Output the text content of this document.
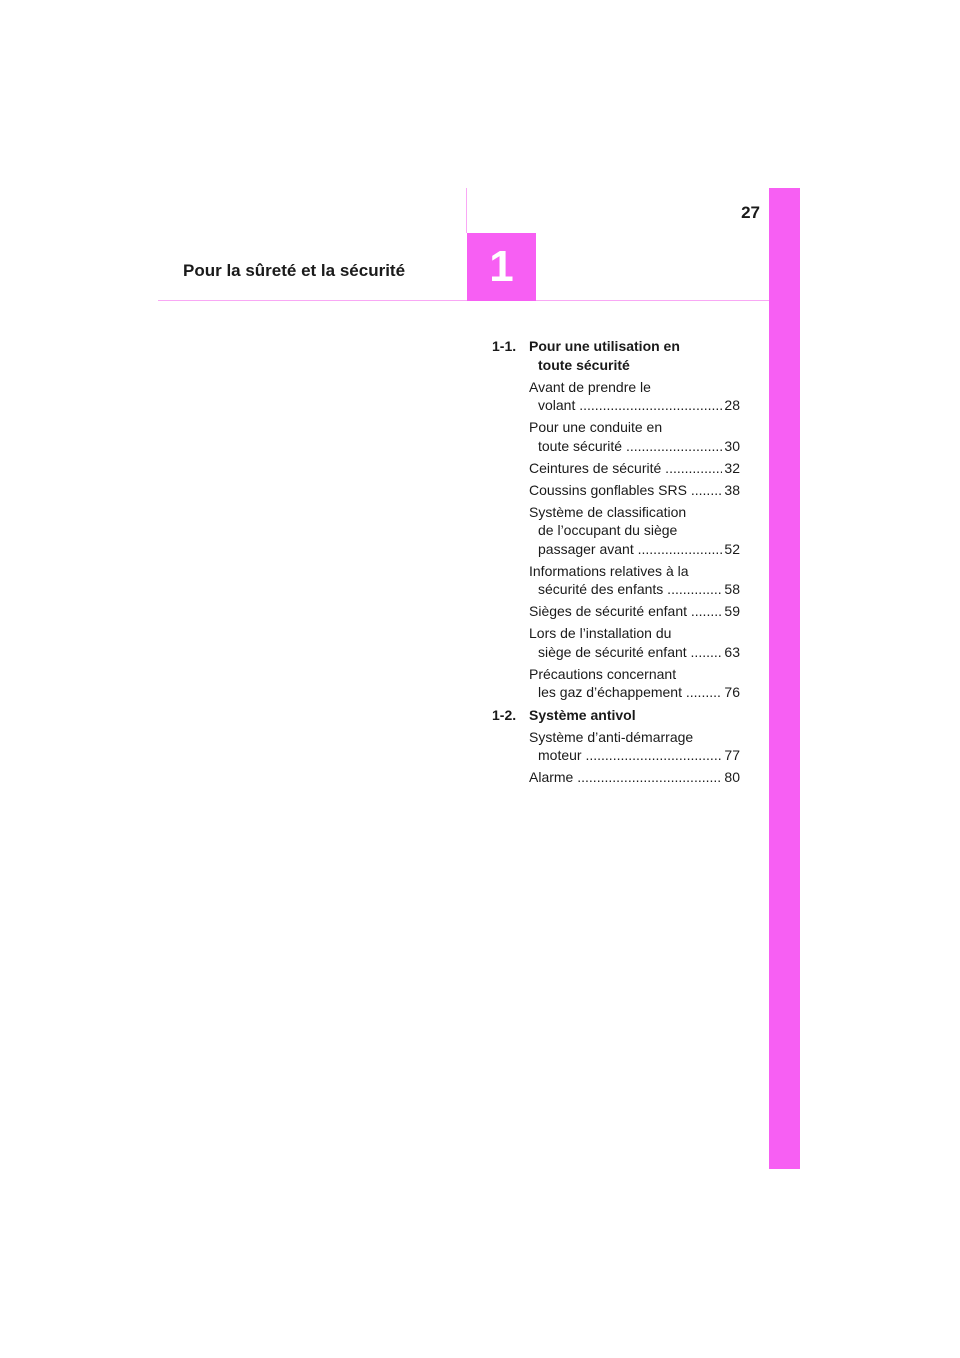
27
Pour la sûreté et la sécurité 1
1-1. Pour une utilisation en
toute sécurité
Avant de prendre le
volant .....	28
Pour une conduite en
toute sécurité .....	30
Ceintures de sécurité .....	32
Coussins gonflables SRS .....	38
Système de classification
de l’occupant du siège
passager avant .....	52
Informations relatives à la
sécurité des enfants .....	58
Sièges de sécurité enfant .....	59
Lors de l’installation du
siège de sécurité enfant .....	63
Précautions concernant
les gaz d’échappement .....	76
1-2. Système antivol
Système d’anti-démarrage
moteur .....	77
Alarme .....	80
